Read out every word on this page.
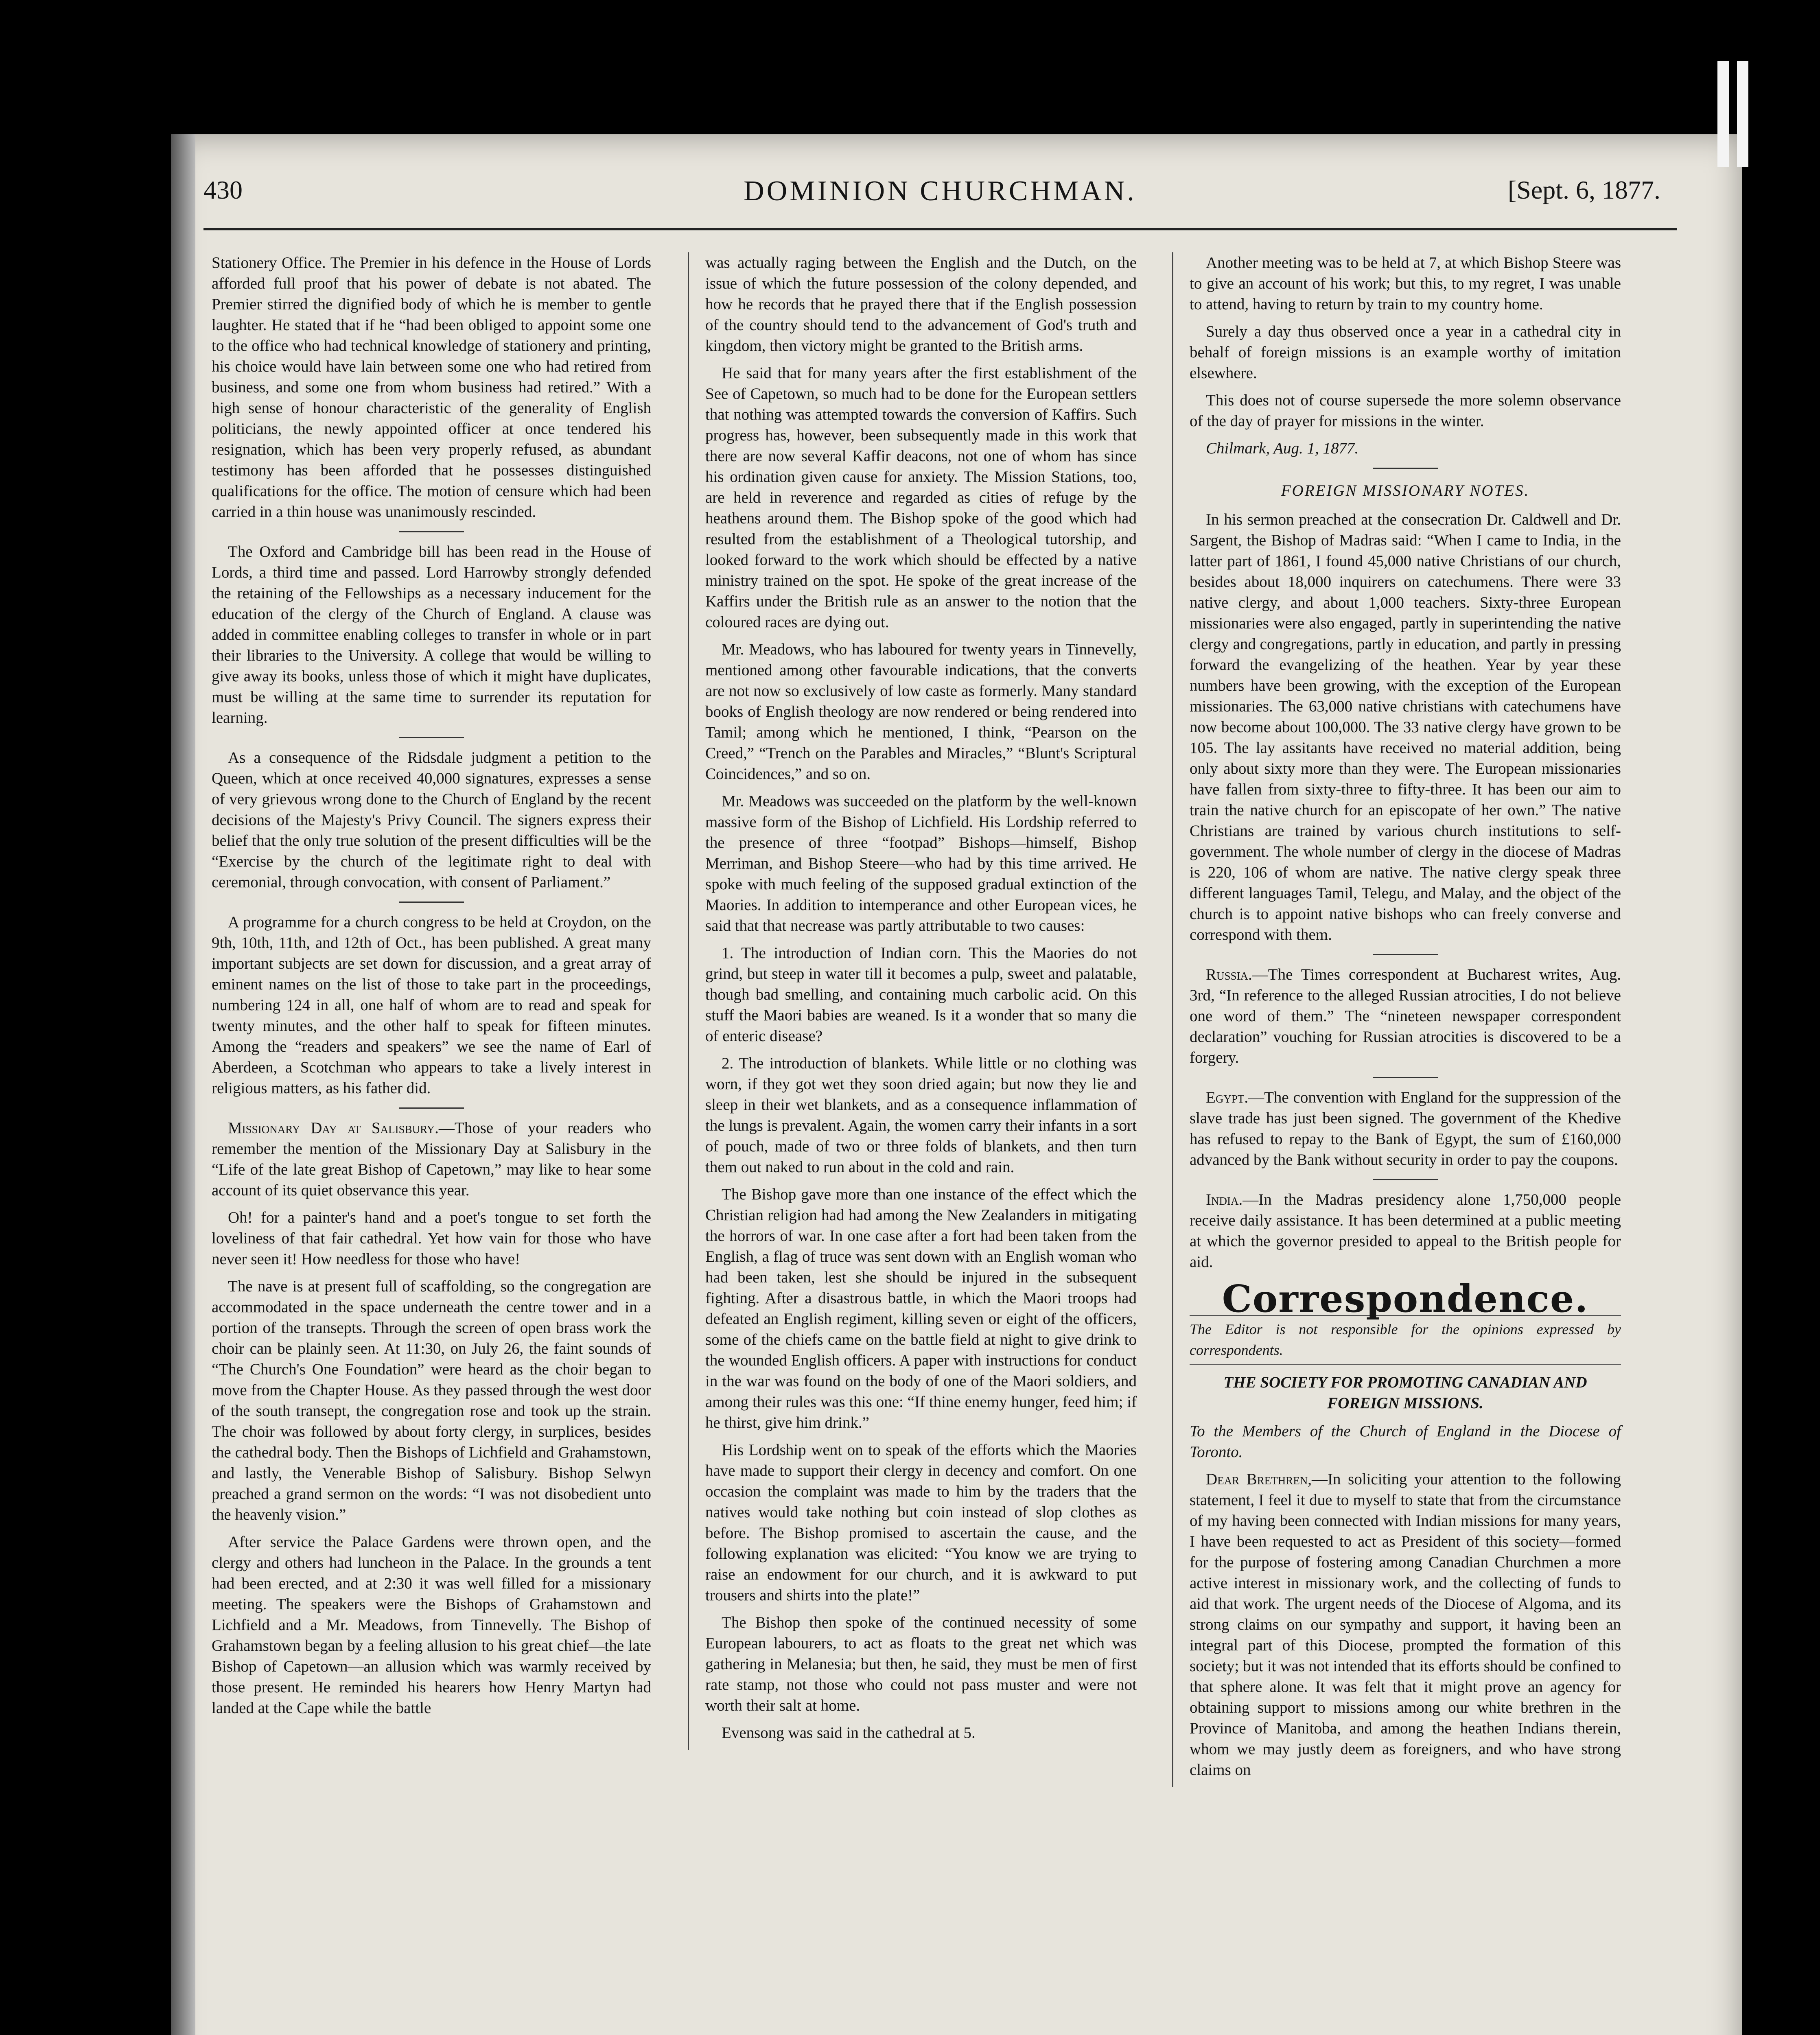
430	DOMINION CHURCHMAN.	[Sept. 6, 1877.

Stationery Office. The Premier in his defence in the House of Lords afforded full proof that his power of debate is not abated. The Premier stirred the dignified body of which he is member to gentle laughter. He stated that if he “had been obliged to appoint some one to the office who had technical knowledge of stationery and printing, his choice would have lain between some one who had retired from business, and some one from whom business had retired.” With a high sense of honour characteristic of the generality of English politicians, the newly appointed officer at once tendered his resignation, which has been very properly refused, as abundant testimony has been afforded that he possesses distinguished qualifications for the office. The motion of censure which had been carried in a thin house was unanimously rescinded.

The Oxford and Cambridge bill has been read in the House of Lords, a third time and passed. Lord Harrowby strongly defended the retaining of the Fellowships as a necessary inducement for the education of the clergy of the Church of England. A clause was added in committee enabling colleges to transfer in whole or in part their libraries to the University. A college that would be willing to give away its books, unless those of which it might have duplicates, must be willing at the same time to surrender its reputation for learning.

As a consequence of the Ridsdale judgment a petition to the Queen, which at once received 40,000 signatures, expresses a sense of very grievous wrong done to the Church of England by the recent decisions of the Majesty's Privy Council. The signers express their belief that the only true solution of the present difficulties will be the “Exercise by the church of the legitimate right to deal with ceremonial, through convocation, with consent of Parliament.”

A programme for a church congress to be held at Croydon, on the 9th, 10th, 11th, and 12th of Oct., has been published. A great many important subjects are set down for discussion, and a great array of eminent names on the list of those to take part in the proceedings, numbering 124 in all, one half of whom are to read and speak for twenty minutes, and the other half to speak for fifteen minutes. Among the “readers and speakers” we see the name of Earl of Aberdeen, a Scotchman who appears to take a lively interest in religious matters, as his father did.

Missionary Day at Salisbury.—Those of your readers who remember the mention of the Missionary Day at Salisbury in the “Life of the late great Bishop of Capetown,” may like to hear some account of its quiet observance this year.

Oh! for a painter's hand and a poet's tongue to set forth the loveliness of that fair cathedral. Yet how vain for those who have never seen it! How needless for those who have!

The nave is at present full of scaffolding, so the congregation are accommodated in the space underneath the centre tower and in a portion of the transepts. Through the screen of open brass work the choir can be plainly seen. At 11:30, on July 26, the faint sounds of “The Church's One Foundation” were heard as the choir began to move from the Chapter House. As they passed through the west door of the south transept, the congregation rose and took up the strain. The choir was followed by about forty clergy, in surplices, besides the cathedral body. Then the Bishops of Lichfield and Grahamstown, and lastly, the Venerable Bishop of Salisbury. Bishop Selwyn preached a grand sermon on the words: “I was not disobedient unto the heavenly vision.”

After service the Palace Gardens were thrown open, and the clergy and others had luncheon in the Palace. In the grounds a tent had been erected, and at 2:30 it was well filled for a missionary meeting. The speakers were the Bishops of Grahamstown and Lichfield and a Mr. Meadows, from Tinnevelly. The Bishop of Grahamstown began by a feeling allusion to his great chief—the late Bishop of Capetown—an allusion which was warmly received by those present. He reminded his hearers how Henry Martyn had landed at the Cape while the battle

was actually raging between the English and the Dutch, on the issue of which the future possession of the colony depended, and how he records that he prayed there that if the English possession of the country should tend to the advancement of God's truth and kingdom, then victory might be granted to the British arms.

He said that for many years after the first establishment of the See of Capetown, so much had to be done for the European settlers that nothing was attempted towards the conversion of Kaffirs. Such progress has, however, been subsequently made in this work that there are now several Kaffir deacons, not one of whom has since his ordination given cause for anxiety. The Mission Stations, too, are held in reverence and regarded as cities of refuge by the heathens around them. The Bishop spoke of the good which had resulted from the establishment of a Theological tutorship, and looked forward to the work which should be effected by a native ministry trained on the spot. He spoke of the great increase of the Kaffirs under the British rule as an answer to the notion that the coloured races are dying out.

Mr. Meadows, who has laboured for twenty years in Tinnevelly, mentioned among other favourable indications, that the converts are not now so exclusively of low caste as formerly. Many standard books of English theology are now rendered or being rendered into Tamil; among which he mentioned, I think, “Pearson on the Creed,” “Trench on the Parables and Miracles,” “Blunt's Scriptural Coincidences,” and so on.

Mr. Meadows was succeeded on the platform by the well-known massive form of the Bishop of Lichfield. His Lordship referred to the presence of three “footpad” Bishops—himself, Bishop Merriman, and Bishop Steere—who had by this time arrived. He spoke with much feeling of the supposed gradual extinction of the Maories. In addition to intemperance and other European vices, he said that that necrease was partly attributable to two causes:

1. The introduction of Indian corn. This the Maories do not grind, but steep in water till it becomes a pulp, sweet and palatable, though bad smelling, and containing much carbolic acid. On this stuff the Maori babies are weaned. Is it a wonder that so many die of enteric disease?

2. The introduction of blankets. While little or no clothing was worn, if they got wet they soon dried again; but now they lie and sleep in their wet blankets, and as a consequence inflammation of the lungs is prevalent. Again, the women carry their infants in a sort of pouch, made of two or three folds of blankets, and then turn them out naked to run about in the cold and rain.

The Bishop gave more than one instance of the effect which the Christian religion had had among the New Zealanders in mitigating the horrors of war. In one case after a fort had been taken from the English, a flag of truce was sent down with an English woman who had been taken, lest she should be injured in the subsequent fighting. After a disastrous battle, in which the Maori troops had defeated an English regiment, killing seven or eight of the officers, some of the chiefs came on the battle field at night to give drink to the wounded English officers. A paper with instructions for conduct in the war was found on the body of one of the Maori soldiers, and among their rules was this one: “If thine enemy hunger, feed him; if he thirst, give him drink.”

His Lordship went on to speak of the efforts which the Maories have made to support their clergy in decency and comfort. On one occasion the complaint was made to him by the traders that the natives would take nothing but coin instead of slop clothes as before. The Bishop promised to ascertain the cause, and the following explanation was elicited: “You know we are trying to raise an endowment for our church, and it is awkward to put trousers and shirts into the plate!”

The Bishop then spoke of the continued necessity of some European labourers, to act as floats to the great net which was gathering in Melanesia; but then, he said, they must be men of first rate stamp, not those who could not pass muster and were not worth their salt at home.

Evensong was said in the cathedral at 5.

Another meeting was to be held at 7, at which Bishop Steere was to give an account of his work; but this, to my regret, I was unable to attend, having to return by train to my country home.

Surely a day thus observed once a year in a cathedral city in behalf of foreign missions is an example worthy of imitation elsewhere.

This does not of course supersede the more solemn observance of the day of prayer for missions in the winter.

Chilmark, Aug. 1, 1877.

FOREIGN MISSIONARY NOTES.

In his sermon preached at the consecration Dr. Caldwell and Dr. Sargent, the Bishop of Madras said: “When I came to India, in the latter part of 1861, I found 45,000 native Christians of our church, besides about 18,000 inquirers on catechumens. There were 33 native clergy, and about 1,000 teachers. Sixty-three European missionaries were also engaged, partly in superintending the native clergy and congregations, partly in education, and partly in pressing forward the evangelizing of the heathen. Year by year these numbers have been growing, with the exception of the European missionaries. The 63,000 native christians with catechumens have now become about 100,000. The 33 native clergy have grown to be 105. The lay assitants have received no material addition, being only about sixty more than they were. The European missionaries have fallen from sixty-three to fifty-three. It has been our aim to train the native church for an episcopate of her own.” The native Christians are trained by various church institutions to self-government. The whole number of clergy in the diocese of Madras is 220, 106 of whom are native. The native clergy speak three different languages Tamil, Telegu, and Malay, and the object of the church is to appoint native bishops who can freely converse and correspond with them.

Russia.—The Times correspondent at Bucharest writes, Aug. 3rd, “In reference to the alleged Russian atrocities, I do not believe one word of them.” The “nineteen newspaper correspondent declaration” vouching for Russian atrocities is discovered to be a forgery.

Egypt.—The convention with England for the suppression of the slave trade has just been signed. The government of the Khedive has refused to repay to the Bank of Egypt, the sum of £160,000 advanced by the Bank without security in order to pay the coupons.

India.—In the Madras presidency alone 1,750,000 people receive daily assistance. It has been determined at a public meeting at which the governor presided to appeal to the British people for aid.

Correspondence.
The Editor is not responsible for the opinions expressed by correspondents.
THE SOCIETY FOR PROMOTING CANADIAN AND FOREIGN MISSIONS.
To the Members of the Church of England in the Diocese of Toronto.

Dear Brethren,—In soliciting your attention to the following statement, I feel it due to myself to state that from the circumstance of my having been connected with Indian missions for many years, I have been requested to act as President of this society—formed for the purpose of fostering among Canadian Churchmen a more active interest in missionary work, and the collecting of funds to aid that work. The urgent needs of the Diocese of Algoma, and its strong claims on our sympathy and support, it having been an integral part of this Diocese, prompted the formation of this society; but it was not intended that its efforts should be confined to that sphere alone. It was felt that it might prove an agency for obtaining support to missions among our white brethren in the Province of Manitoba, and among the heathen Indians therein, whom we may justly deem as foreigners, and who have strong claims on
